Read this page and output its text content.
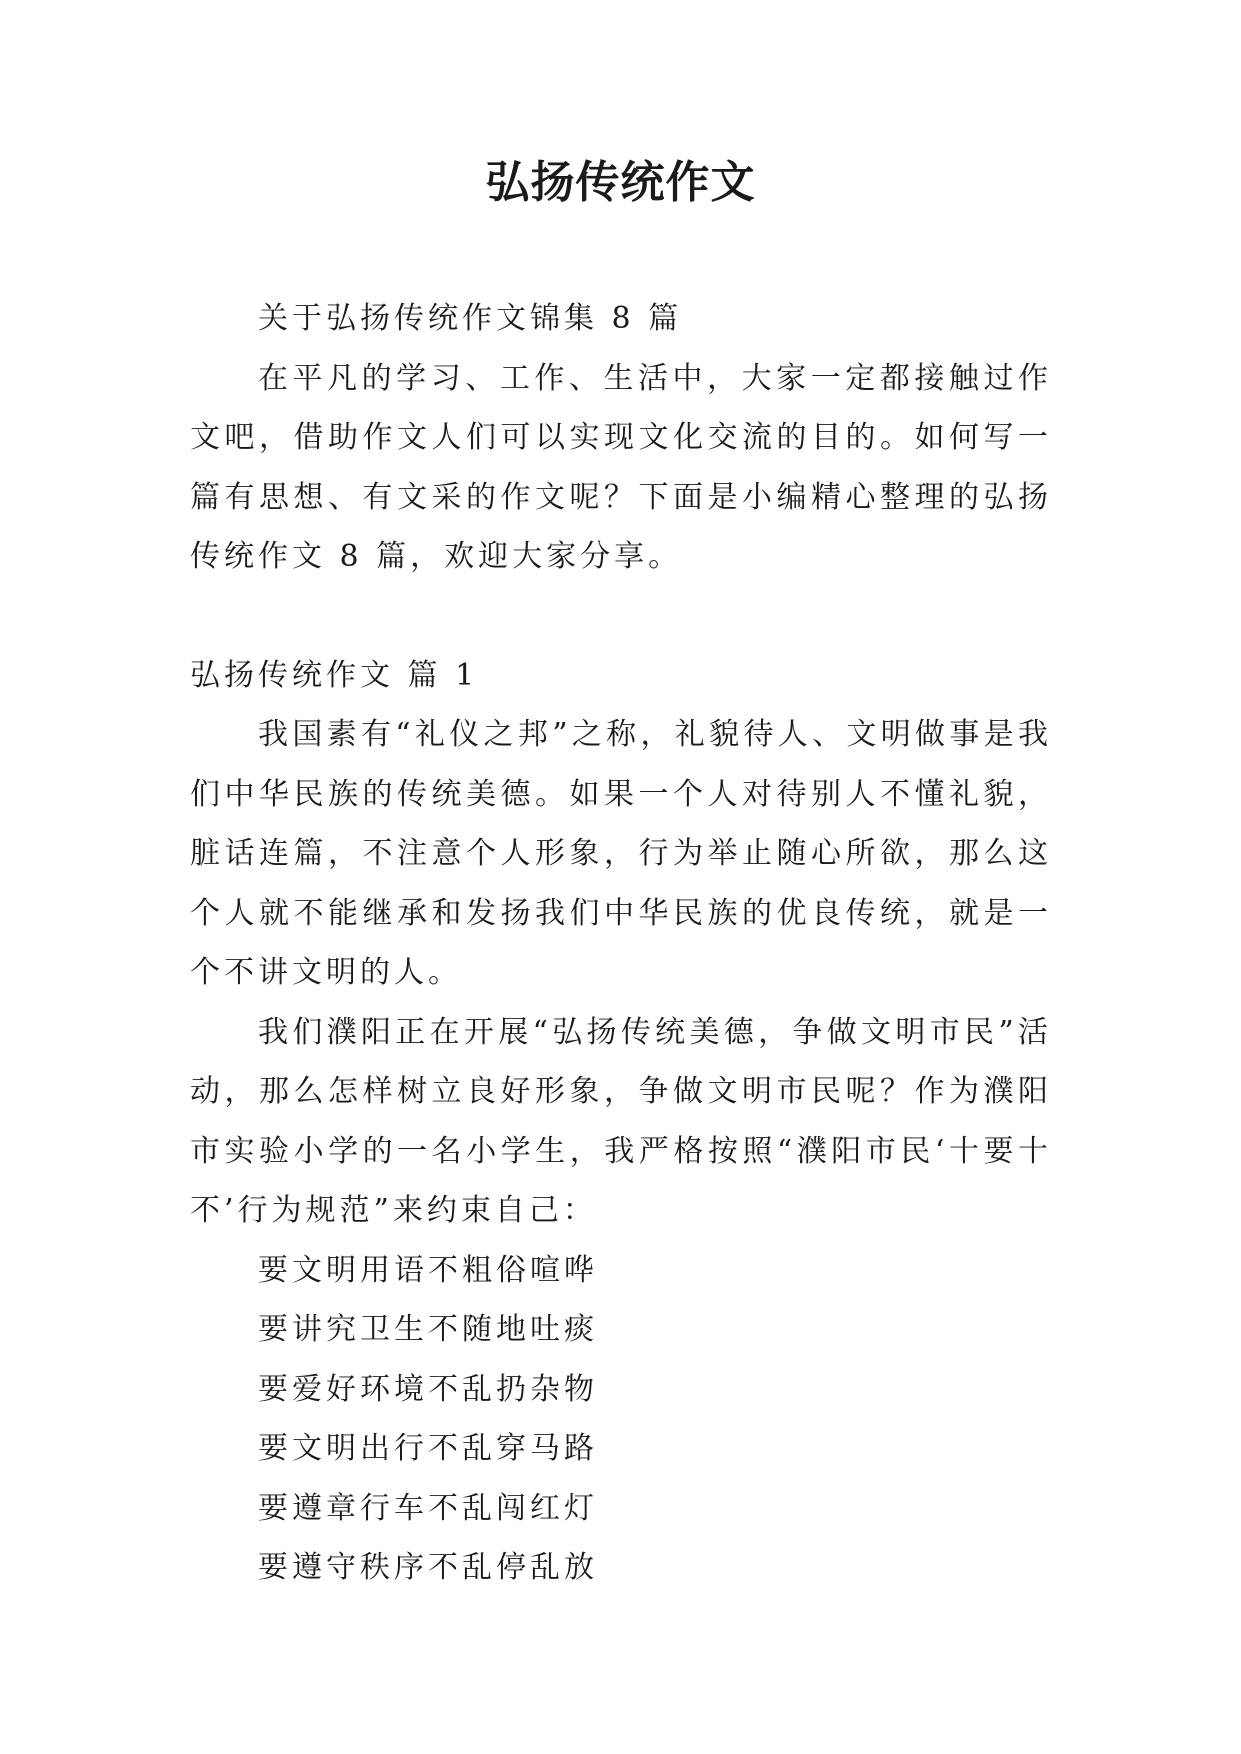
弘扬传统作文

关于弘扬传统作文锦集 8 篇

在平凡的学习、工作、生活中，大家一定都接触过作文吧，借助作文人们可以实现文化交流的目的。如何写一篇有思想、有文采的作文呢？下面是小编精心整理的弘扬传统作文 8 篇，欢迎大家分享。

弘扬传统作文 篇 1

我国素有“礼仪之邦”之称，礼貌待人、文明做事是我们中华民族的传统美德。如果一个人对待别人不懂礼貌，脏话连篇，不注意个人形象，行为举止随心所欲，那么这个人就不能继承和发扬我们中华民族的优良传统，就是一个不讲文明的人。

我们濮阳正在开展“弘扬传统美德，争做文明市民”活动，那么怎样树立良好形象，争做文明市民呢？作为濮阳市实验小学的一名小学生，我严格按照“濮阳市民‘十要十不’行为规范”来约束自己：

要文明用语不粗俗喧哗

要讲究卫生不随地吐痰

要爱好环境不乱扔杂物

要文明出行不乱穿马路

要遵章行车不乱闯红灯

要遵守秩序不乱停乱放
